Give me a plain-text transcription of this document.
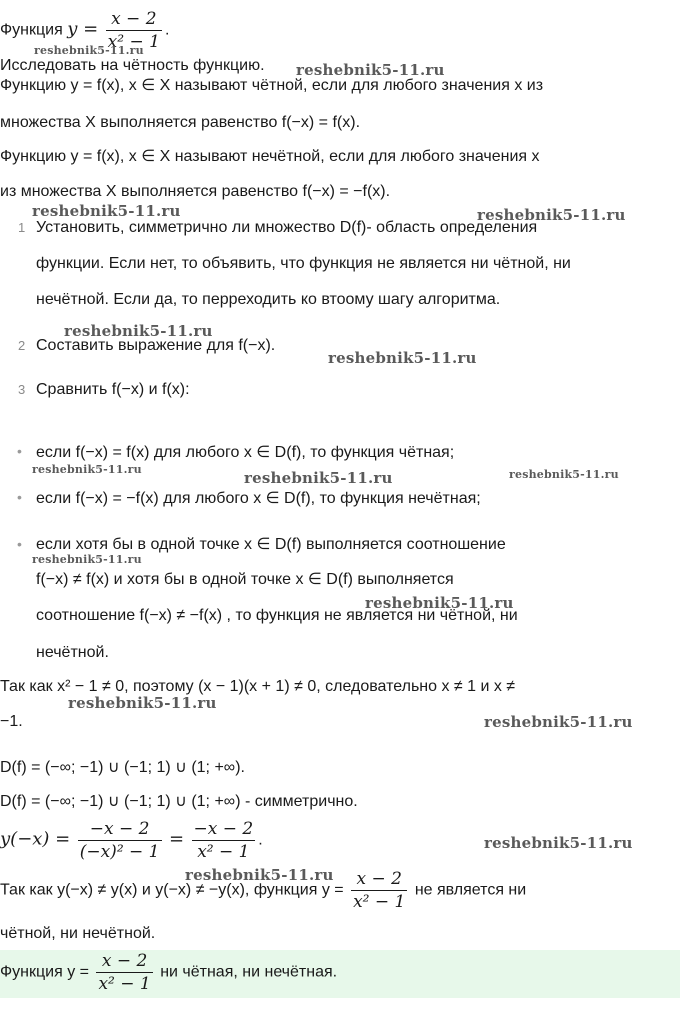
Функция $y = \frac{x - 2}{\text{x² − 1}}$ .
Исследовать на чётность функцию.
Функцию y = f(x), x ∈ X называют чётной, если для любого значения x из
множества X выполняется равенство f(−x) = f(x).
Функцию y = f(x), x ∈ X называют нечётной, если для любого значения x
из множества X выполняется равенство f(−x) = −f(x).
1 Установить, симметрично ли множество D(f)- область определения
функции. Если нет, то объявить, что функция не является ни чётной, ни
нечётной. Если да, то перреходить ко втоому шагу алгоритма.
2 Составить выражение для f(−x).
3 Сравнить f(−x) и f(x):
• если f(−x) = f(x) для любого x ∈ D(f), то функция чётная;
• если f(−x) = −f(x) для любого x ∈ D(f), то функция нечётная;
• если хотя бы в одной точке x ∈ D(f) выполняется соотношение
f(−x) ≠ f(x) и хотя бы в одной точке x ∈ D(f) выполняется
соотношение f(−x) ≠ −f(x) , то функция не является ни чётной, ни
нечётной.
Так как x² − 1 ≠ 0, поэтому (x − 1)(x + 1) ≠ 0, следовательно x ≠ 1 и x ≠
−1.
D(f) = (−∞; −1) ∪ (−1; 1) ∪ (1; +∞).
D(f) = (−∞; −1) ∪ (−1; 1) ∪ (1; +∞) - симметрично.
$y(-x) = \frac{-x - 2}{\text{(−x)² − 1}} = \frac{-x - 2}{\text{x² − 1}}$ .
Так как y(−x) ≠ y(x) и y(−x) ≠ −y(x), функция $y = \frac{x - 2}{\text{x² − 1}}$ не является ни
чётной, ни нечётной.
Функция $y = \frac{x - 2}{\text{x² − 1}}$ ни чётная, ни нечётная.
reshebnik5-11.ru
reshebnik5-11.ru
reshebnik5-11.ru	reshebnik5-11.ru
reshebnik5-11.ru
reshebnik5-11.ru
reshebnik5-11.ru	reshebnik5-11.ru	reshebnik5-11.ru
reshebnik5-11.ru
reshebnik5-11.ru
reshebnik5-11.ru
reshebnik5-11.ru
reshebnik5-11.ru
reshebnik5-11.ru
